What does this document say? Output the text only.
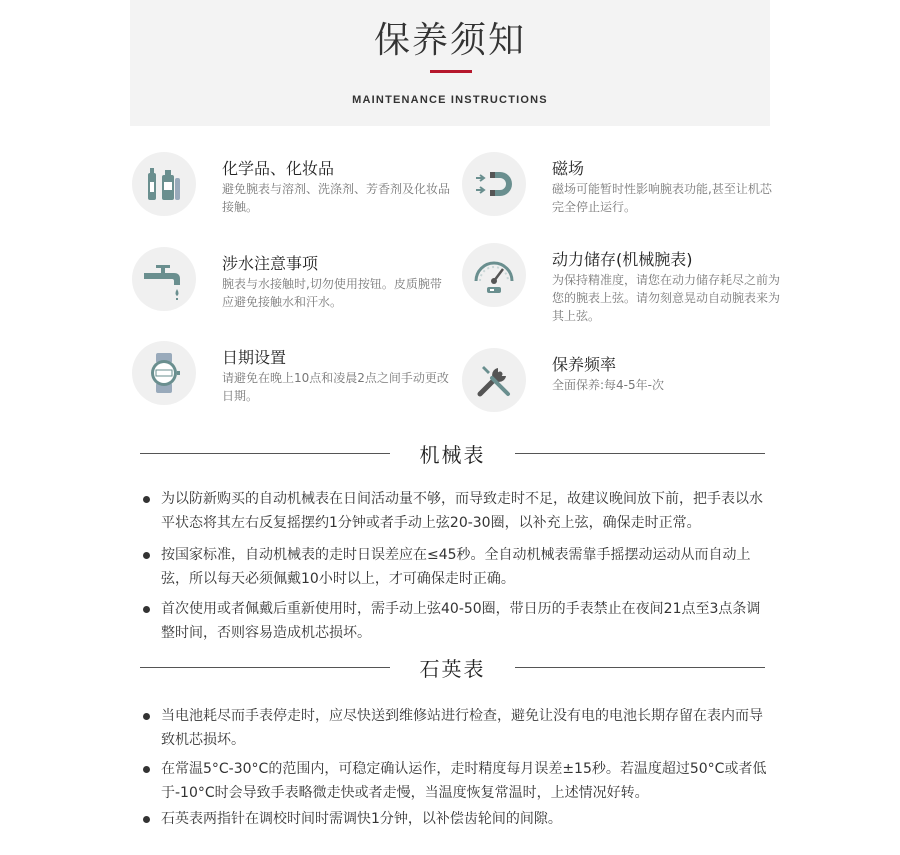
保养须知
MAINTENANCE INSTRUCTIONS
化学品、化妆品
避免腕表与溶剂、洗涤剂、芳香剂及化妆品接触。
磁场
磁场可能暂时性影响腕表功能,甚至让机芯完全停止运行。
涉水注意事项
腕表与水接触时,切勿使用按钮。皮质腕带应避免接触水和汗水。
动力储存(机械腕表)
为保持精准度，请您在动力储存耗尽之前为您的腕表上弦。请勿刻意晃动自动腕表来为其上弦。
日期设置
请避免在晚上10点和凌晨2点之间手动更改日期。
保养频率
全面保养:每4-5年-次
机械表
为以防新购买的自动机械表在日间活动量不够，而导致走时不足，故建议晚间放下前，把手表以水平状态将其左右反复摇摆约1分钟或者手动上弦20-30圈，以补充上弦，确保走时正常。
按国家标准，自动机械表的走时日误差应在≤45秒。全自动机械表需靠手摇摆动运动从而自动上弦，所以每天必须佩戴10小时以上，才可确保走时正确。
首次使用或者佩戴后重新使用时，需手动上弦40-50圈，带日历的手表禁止在夜间21点至3点条调整时间，否则容易造成机芯损坏。
石英表
当电池耗尽而手表停走时，应尽快送到维修站进行检查，避免让没有电的电池长期存留在表内而导致机芯损坏。
在常温5°C-30°C的范围内，可稳定确认运作，走时精度每月误差±15秒。若温度超过50°C或者低于-10°C时会导致手表略微走快或者走慢，当温度恢复常温时，上述情况好转。
石英表两指针在调校时间时需调快1分钟，以补偿齿轮间的间隙。
